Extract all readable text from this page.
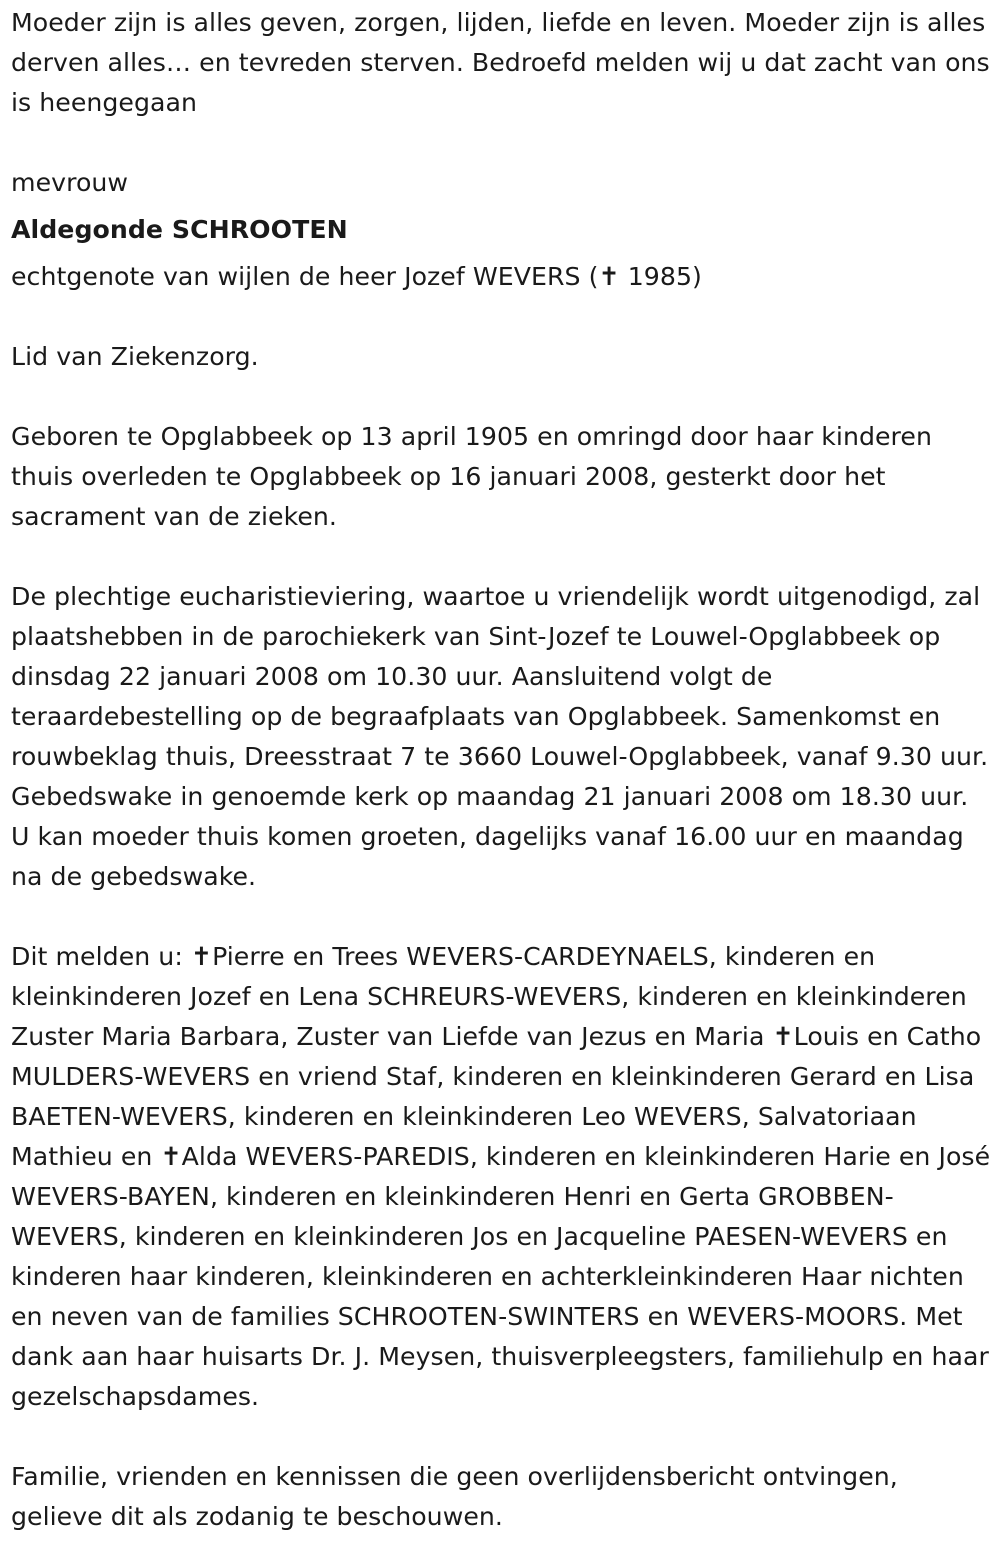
Moeder zijn is alles geven, zorgen, lijden, liefde en leven. Moeder zijn is alles derven alles… en tevreden sterven. Bedroefd melden wij u dat zacht van ons is heengegaan

mevrouw

Aldegonde SCHROOTEN

echtgenote van wijlen de heer Jozef WEVERS (✝ 1985)

Lid van Ziekenzorg.

Geboren te Opglabbeek op 13 april 1905 en omringd door haar kinderen thuis overleden te Opglabbeek op 16 januari 2008, gesterkt door het sacrament van de zieken.

De plechtige eucharistieviering, waartoe u vriendelijk wordt uitgenodigd, zal plaatshebben in de parochiekerk van Sint-Jozef te Louwel-Opglabbeek op dinsdag 22 januari 2008 om 10.30 uur. Aansluitend volgt de teraardebestelling op de begraafplaats van Opglabbeek. Samenkomst en rouwbeklag thuis, Dreesstraat 7 te 3660 Louwel-Opglabbeek, vanaf 9.30 uur. Gebedswake in genoemde kerk op maandag 21 januari 2008 om 18.30 uur. U kan moeder thuis komen groeten, dagelijks vanaf 16.00 uur en maandag na de gebedswake.

Dit melden u: ✝Pierre en Trees WEVERS-CARDEYNAELS, kinderen en kleinkinderen Jozef en Lena SCHREURS-WEVERS, kinderen en kleinkinderen Zuster Maria Barbara, Zuster van Liefde van Jezus en Maria ✝Louis en Catho MULDERS-WEVERS en vriend Staf, kinderen en kleinkinderen Gerard en Lisa BAETEN-WEVERS, kinderen en kleinkinderen Leo WEVERS, Salvatoriaan Mathieu en ✝Alda WEVERS-PAREDIS, kinderen en kleinkinderen Harie en José WEVERS-BAYEN, kinderen en kleinkinderen Henri en Gerta GROBBEN-WEVERS, kinderen en kleinkinderen Jos en Jacqueline PAESEN-WEVERS en kinderen haar kinderen, kleinkinderen en achterkleinkinderen Haar nichten en neven van de families SCHROOTEN-SWINTERS en WEVERS-MOORS. Met dank aan haar huisarts Dr. J. Meysen, thuisverpleegsters, familiehulp en haar gezelschapsdames.

Familie, vrienden en kennissen die geen overlijdensbericht ontvingen, gelieve dit als zodanig te beschouwen.
